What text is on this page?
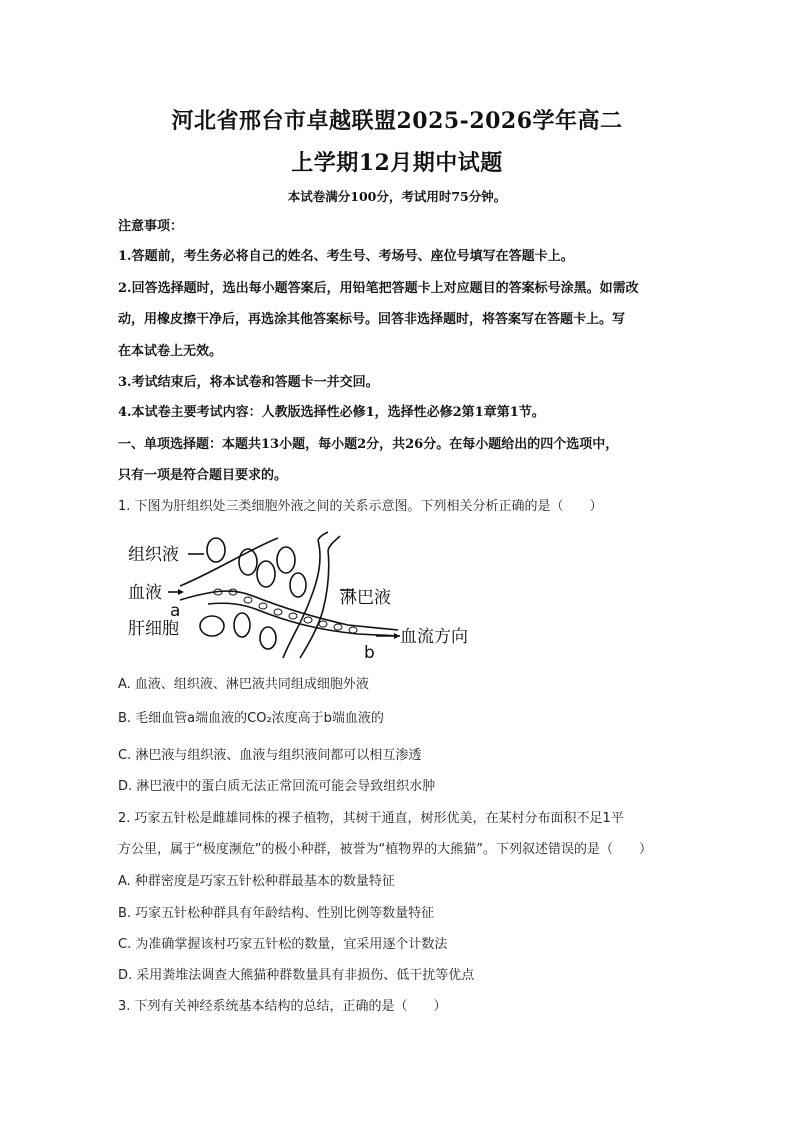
河北省邢台市卓越联盟2025-2026学年高二
上学期12月期中试题
本试卷满分100分，考试用时75分钟。
注意事项：
1.答题前，考生务必将自己的姓名、考生号、考场号、座位号填写在答题卡上。
2.回答选择题时，选出每小题答案后，用铅笔把答题卡上对应题目的答案标号涂黑。如需改
动，用橡皮擦干净后，再选涂其他答案标号。回答非选择题时，将答案写在答题卡上。写
在本试卷上无效。
3.考试结束后，将本试卷和答题卡一并交回。
4.本试卷主要考试内容：人教版选择性必修1，选择性必修2第1章第1节。
一、单项选择题：本题共13小题，每小题2分，共26分。在每小题给出的四个选项中，
只有一项是符合题目要求的。
1. 下图为肝组织处三类细胞外液之间的关系示意图。下列相关分析正确的是（　　）
组织液
血液
a
肝细胞
淋巴液
血流方向
b
A. 血液、组织液、淋巴液共同组成细胞外液
B. 毛细血管a端血液的CO₂浓度高于b端血液的
C. 淋巴液与组织液、血液与组织液间都可以相互渗透
D. 淋巴液中的蛋白质无法正常回流可能会导致组织水肿
2. 巧家五针松是雌雄同株的裸子植物，其树干通直，树形优美，在某村分布面积不足1平
方公里，属于“极度濒危”的极小种群，被誉为“植物界的大熊猫”。下列叙述错误的是（　　）
A. 种群密度是巧家五针松种群最基本的数量特征
B. 巧家五针松种群具有年龄结构、性别比例等数量特征
C. 为准确掌握该村巧家五针松的数量，宜采用逐个计数法
D. 采用粪堆法调查大熊猫种群数量具有非损伤、低干扰等优点
3. 下列有关神经系统基本结构的总结，正确的是（　　）
